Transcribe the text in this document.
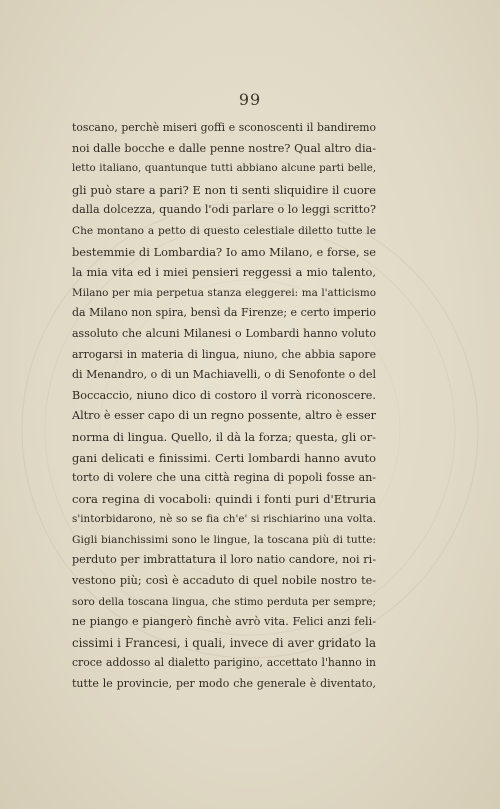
99
toscano, perchè miseri goffi e sconoscenti il bandiremo
noi dalle bocche e dalle penne nostre? Qual altro dia-
letto italiano, quantunque tutti abbiano alcune parti belle,
gli può stare a pari? E non ti senti sliquidire il cuore
dalla dolcezza, quando l'odi parlare o lo leggi scritto?
Che montano a petto di questo celestiale diletto tutte le
bestemmie di Lombardia? Io amo Milano, e forse, se
la mia vita ed i miei pensieri reggessi a mio talento,
Milano per mia perpetua stanza eleggerei: ma l'atticismo
da Milano non spira, bensì da Firenze; e certo imperio
assoluto che alcuni Milanesi o Lombardi hanno voluto
arrogarsi in materia di lingua, niuno, che abbia sapore
di Menandro, o di un Machiavelli, o di Senofonte o del
Boccaccio, niuno dico di costoro il vorrà riconoscere.
Altro è esser capo di un regno possente, altro è esser
norma di lingua. Quello, il dà la forza; questa, gli or-
gani delicati e finissimi. Certi lombardi hanno avuto
torto di volere che una città regina di popoli fosse an-
cora regina di vocaboli: quindi i fonti puri d'Etruria
s'intorbidarono, nè so se fia ch'e' si rischiarino una volta.
Gigli bianchissimi sono le lingue, la toscana più di tutte:
perduto per imbrattatura il loro natio candore, noi ri-
vestono più; così è accaduto di quel nobile nostro te-
soro della toscana lingua, che stimo perduta per sempre;
ne piango e piangerò finchè avrò vita. Felici anzi feli-
cissimi i Francesi, i quali, invece di aver gridato la
croce addosso al dialetto parigino, accettato l'hanno in
tutte le provincie, per modo che generale è diventato,
